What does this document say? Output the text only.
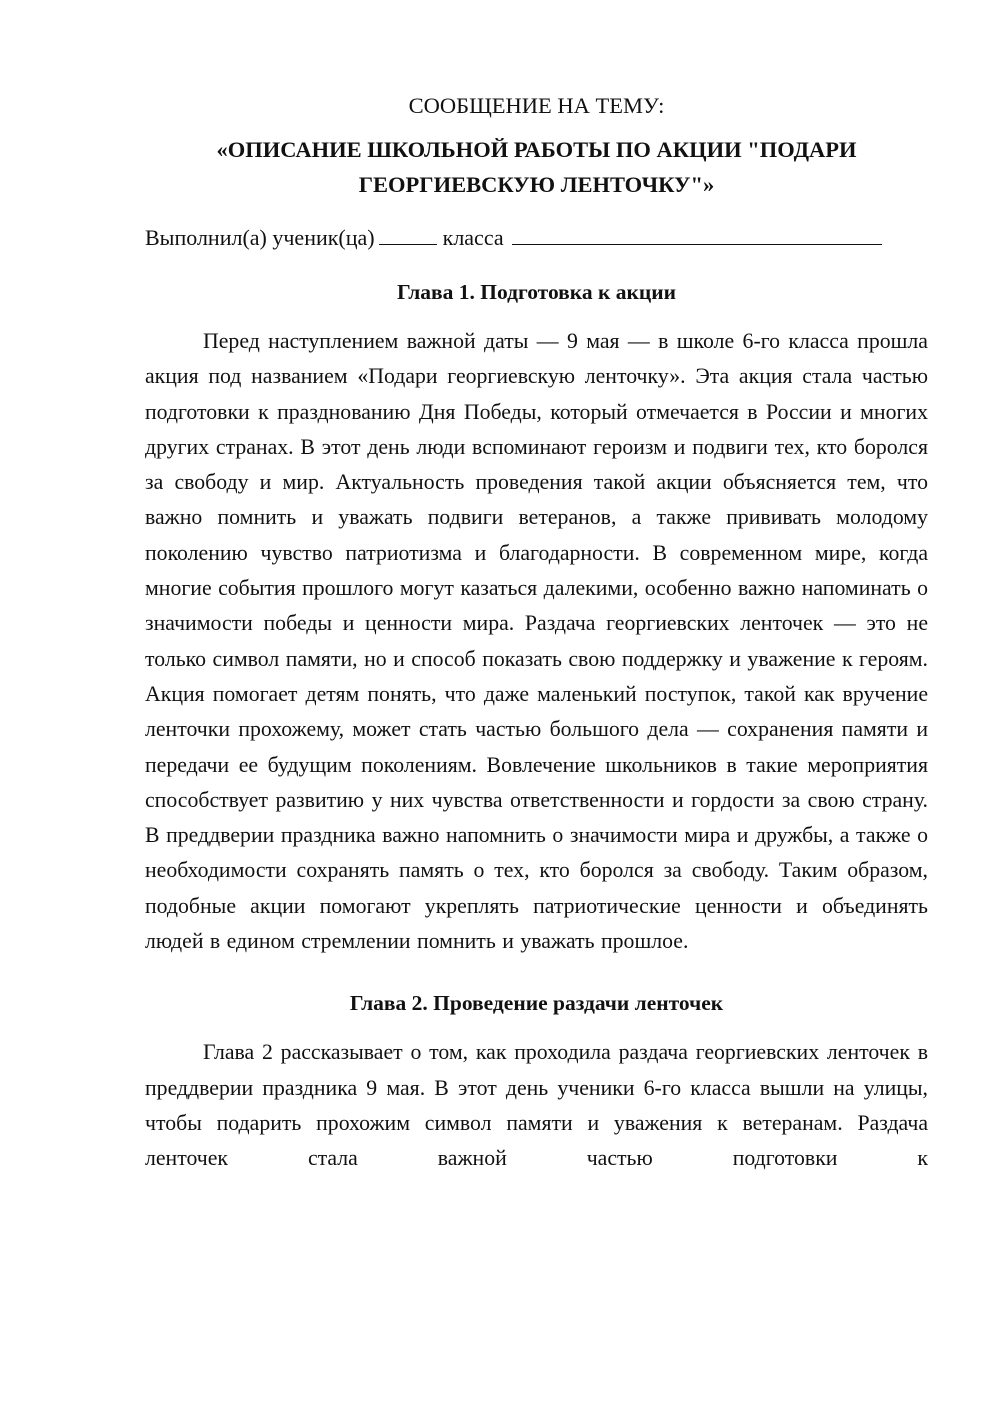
СООБЩЕНИЕ НА ТЕМУ:
«ОПИСАНИЕ ШКОЛЬНОЙ РАБОТЫ ПО АКЦИИ "ПОДАРИ ГЕОРГИЕВСКУЮ ЛЕНТОЧКУ"»
Выполнил(а) ученик(ца)	класса
Глава 1. Подготовка к акции

Перед наступлением важной даты — 9 мая — в школе 6-го класса прошла акция под названием «Подари георгиевскую ленточку». Эта акция стала частью подготовки к празднованию Дня Победы, который отмечается в России и многих других странах. В этот день люди вспоминают героизм и подвиги тех, кто боролся за свободу и мир. Актуальность проведения такой акции объясняется тем, что важно помнить и уважать подвиги ветеранов, а также прививать молодому поколению чувство патриотизма и благодарности. В современном мире, когда многие события прошлого могут казаться далекими, особенно важно напоминать о значимости победы и ценности мира. Раздача георгиевских ленточек — это не только символ памяти, но и способ показать свою поддержку и уважение к героям. Акция помогает детям понять, что даже маленький поступок, такой как вручение ленточки прохожему, может стать частью большого дела — сохранения памяти и передачи ее будущим поколениям. Вовлечение школьников в такие мероприятия способствует развитию у них чувства ответственности и гордости за свою страну. В преддверии праздника важно напомнить о значимости мира и дружбы, а также о необходимости сохранять память о тех, кто боролся за свободу. Таким образом, подобные акции помогают укреплять патриотические ценности и объединять людей в едином стремлении помнить и уважать прошлое.

Глава 2. Проведение раздачи ленточек

Глава 2 рассказывает о том, как проходила раздача георгиевских ленточек в преддверии праздника 9 мая. В этот день ученики 6-го класса вышли на улицы, чтобы подарить прохожим символ памяти и уважения к ветеранам. Раздача ленточек стала важной частью подготовки к
